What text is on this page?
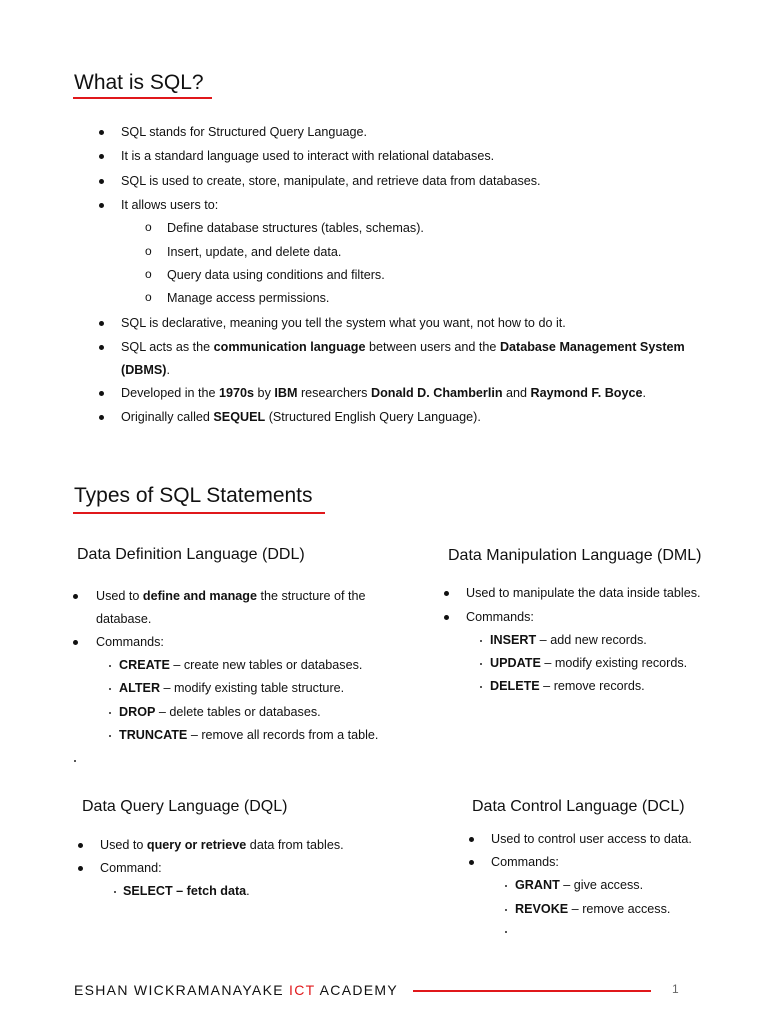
What is SQL?
SQL stands for Structured Query Language.
It is a standard language used to interact with relational databases.
SQL is used to create, store, manipulate, and retrieve data from databases.
It allows users to:
o Define database structures (tables, schemas).
o Insert, update, and delete data.
o Query data using conditions and filters.
o Manage access permissions.
SQL is declarative, meaning you tell the system what you want, not how to do it.
SQL acts as the communication language between users and the Database Management System
(DBMS).
Developed in the 1970s by IBM researchers Donald D. Chamberlin and Raymond F. Boyce.
Originally called SEQUEL (Structured English Query Language).
Types of SQL Statements
Data Definition Language (DDL)
Used to define and manage the structure of the
database.
Commands:
CREATE – create new tables or databases.
ALTER – modify existing table structure.
DROP – delete tables or databases.
TRUNCATE – remove all records from a table.
Data Manipulation Language (DML)
Used to manipulate the data inside tables.
Commands:
INSERT – add new records.
UPDATE – modify existing records.
DELETE – remove records.
Data Query Language (DQL)
Used to query or retrieve data from tables.
Command:
SELECT – fetch data.
Data Control Language (DCL)
Used to control user access to data.
Commands:
GRANT – give access.
REVOKE – remove access.
ESHAN WICKRAMANAYAKE ICT ACADEMY	1
